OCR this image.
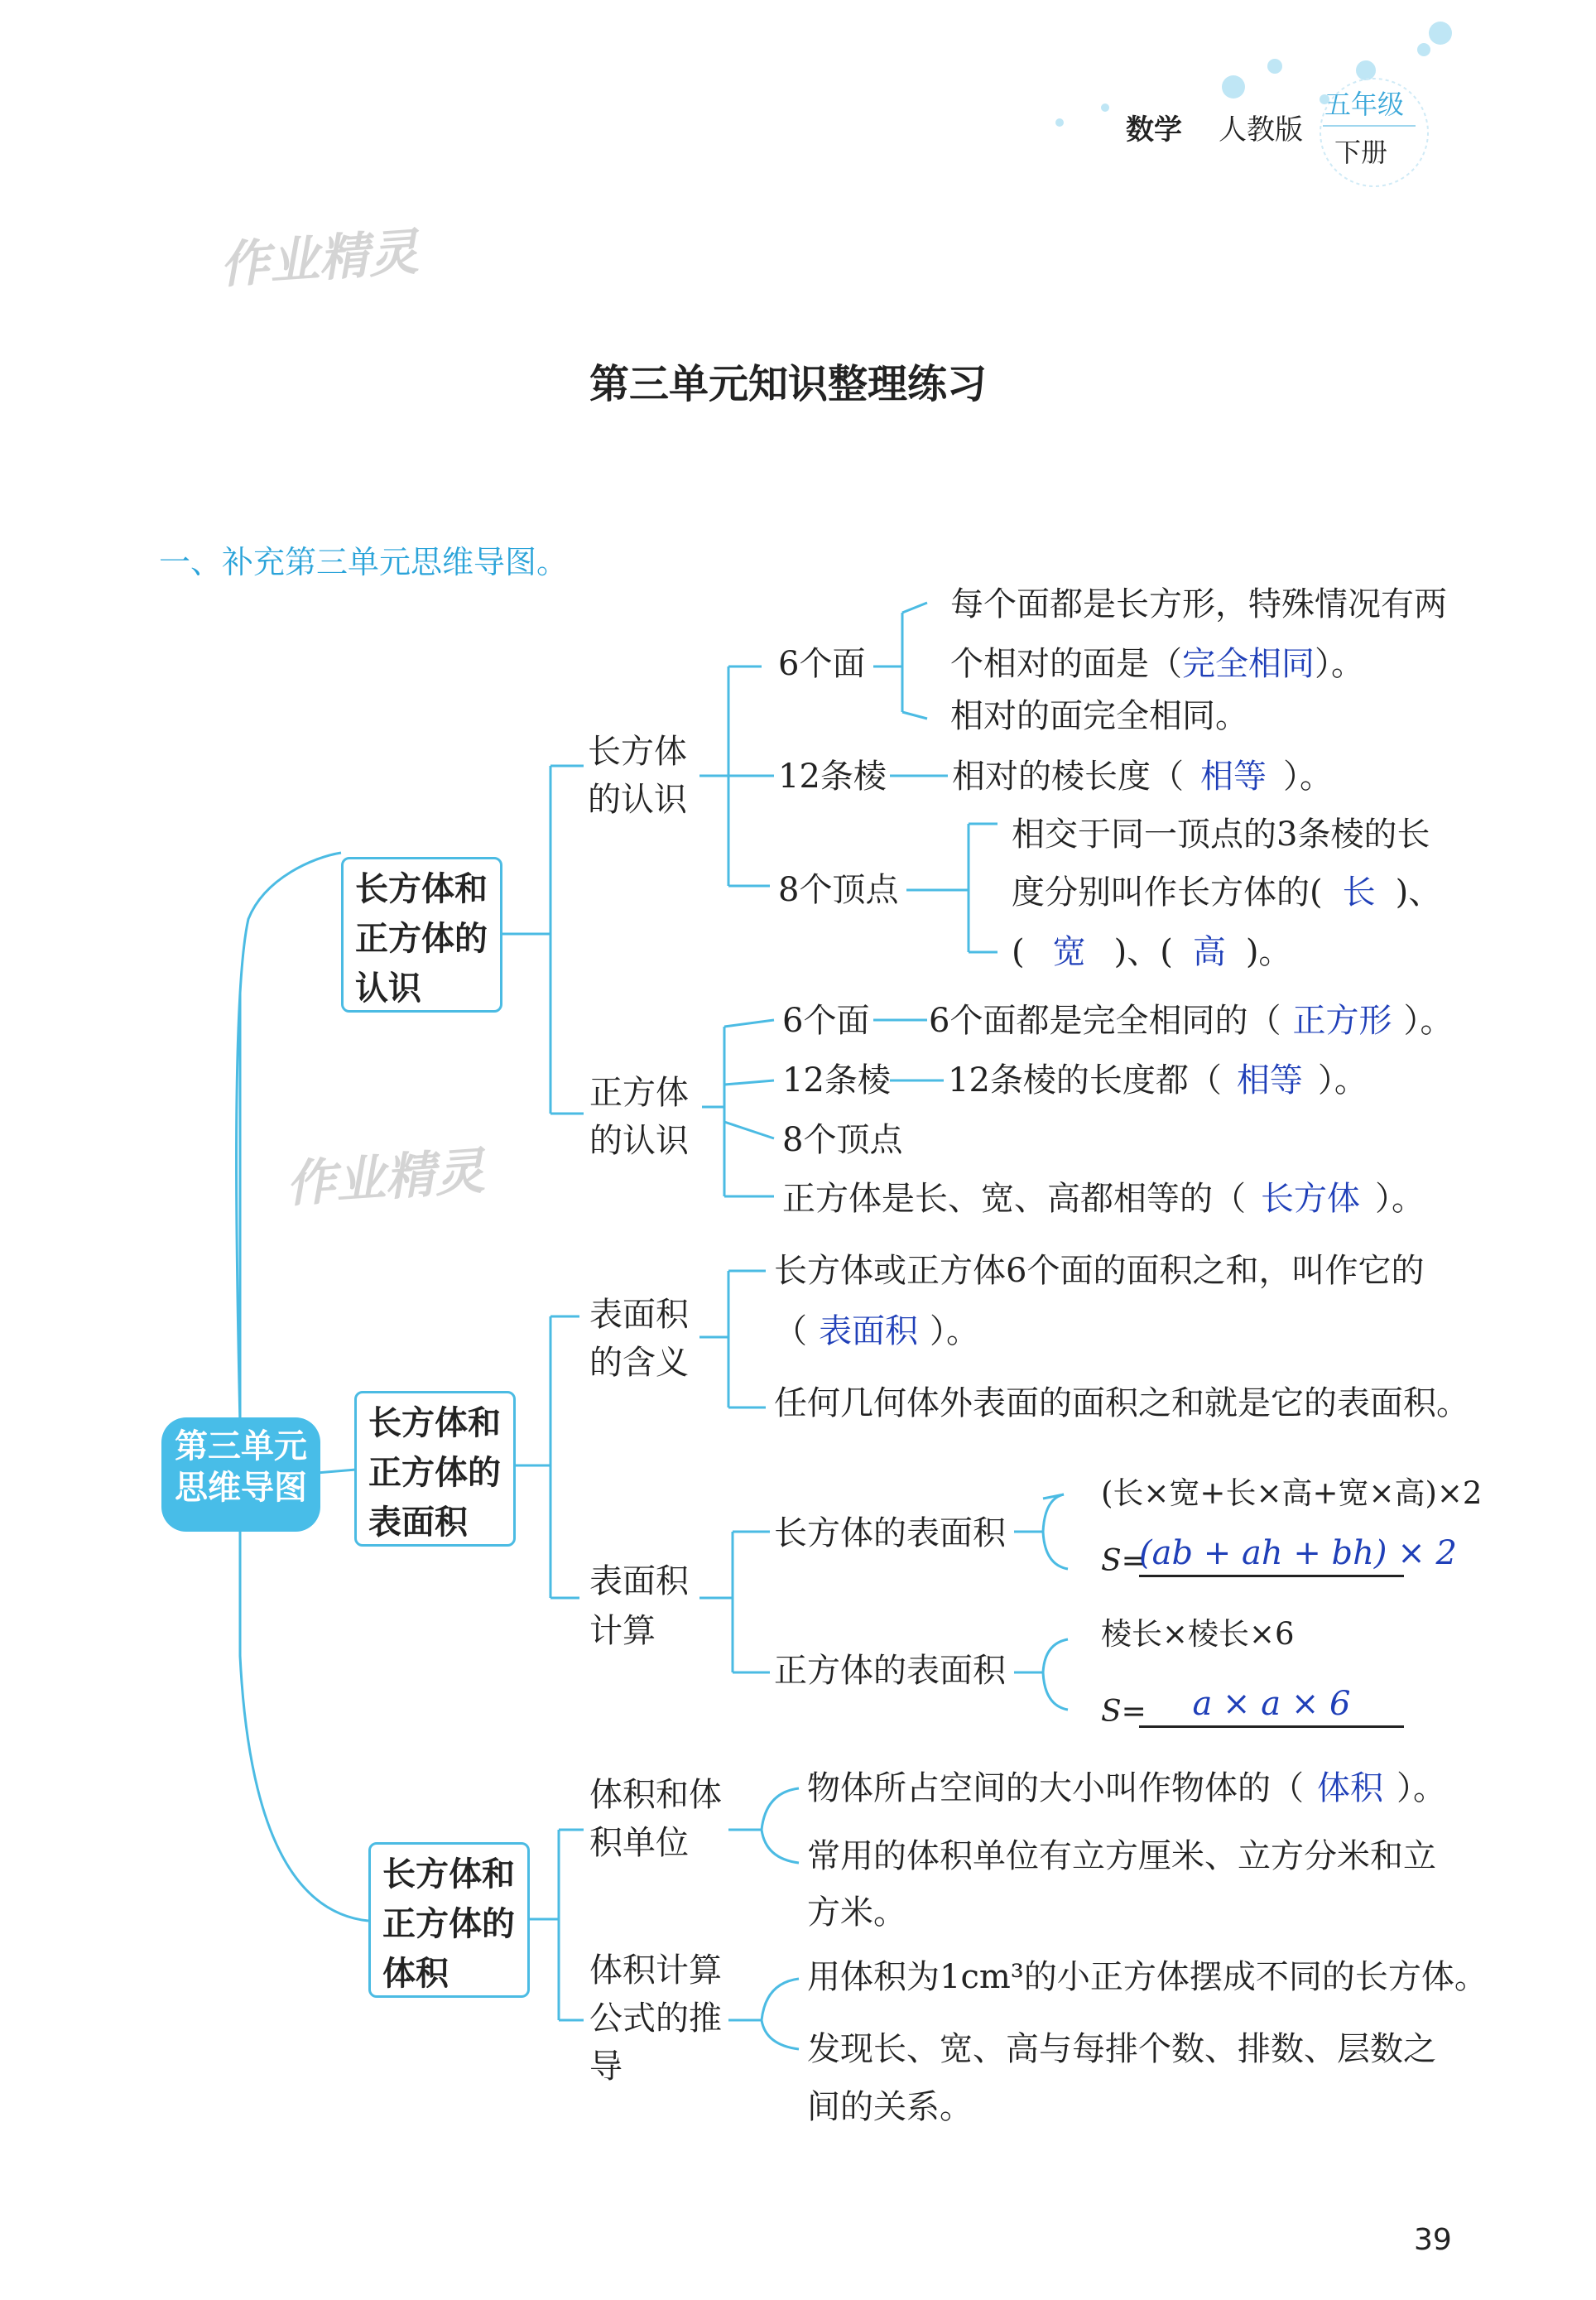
数学 人教版
五年级
下册
作业精灵
作业精灵
第三单元知识整理练习
一、补充第三单元思维导图。
第三单元
思维导图
长方体和
正方体的
认识
长方体
的认识
6个面
每个面都是长方形，特殊情况有两
个相对的面是（完全相同）。
相对的面完全相同。
12条棱 相对的棱长度（ 相等 ）。
8个顶点
相交于同一顶点的3条棱的长
度分别叫作长方体的( 长 )、
( 宽 )、( 高 )。
正方体
的认识
6个面 6个面都是完全相同的（ 正方形 ）。
12条棱 12条棱的长度都（ 相等 ）。
8个顶点
正方体是长、宽、高都相等的（ 长方体 ）。
长方体和
正方体的
表面积
表面积
的含义
长方体或正方体6个面的面积之和，叫作它的
（ 表面积 ）。
任何几何体外表面的面积之和就是它的表面积。
表面积
计算
长方体的表面积
(长×宽+长×高+宽×高)×2
S=
(ab + ah + bh) × 2
正方体的表面积
棱长×棱长×6
S=	a × a × 6
长方体和
正方体的
体积
体积和体
积单位
物体所占空间的大小叫作物体的（ 体积 ）。
常用的体积单位有立方厘米、立方分米和立
方米。
体积计算
公式的推
导
用体积为1cm³的小正方体摆成不同的长方体。
发现长、宽、高与每排个数、排数、层数之
间的关系。
39
